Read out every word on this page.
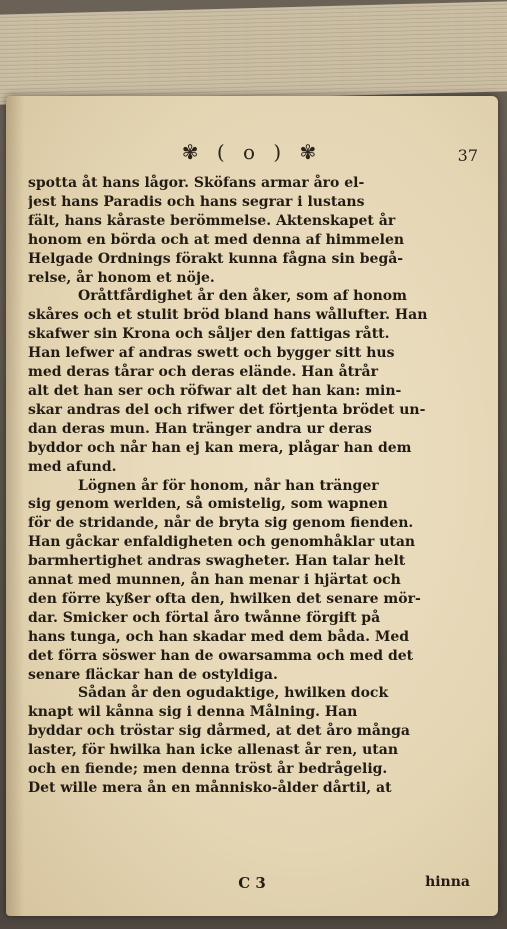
✾ ( o ) ✾	37
spotta åt hans lågor. Sköfans armar åro el-
jest hans Paradis och hans segrar i lustans
fält, hans kåraste berömmelse. Aktenskapet år
honom en börda och at med denna af himmelen
Helgade Ordnings förakt kunna fågna sin begå-
relse, år honom et nöje.
Oråttfårdighet år den åker, som af honom
skåres och et stulit bröd bland hans wållufter. Han
skafwer sin Krona och såljer den fattigas rått.
Han lefwer af andras swett och bygger sitt hus
med deras tårar och deras elände. Han åtrår
alt det han ser och röfwar alt det han kan: min-
skar andras del och rifwer det förtjenta brödet un-
dan deras mun. Han tränger andra ur deras
byddor och når han ej kan mera, plågar han dem
med afund.
Lögnen år för honom, når han tränger
sig genom werlden, så omistelig, som wapnen
för de stridande, når de bryta sig genom fienden.
Han gåckar enfaldigheten och genomhåklar utan
barmhertighet andras swagheter. Han talar helt
annat med munnen, ån han menar i hjärtat och
den förre kyßer ofta den, hwilken det senare mör-
dar. Smicker och förtal åro twånne förgift på
hans tunga, och han skadar med dem båda. Med
det förra söswer han de owarsamma och med det
senare fläckar han de ostyldiga.
Sådan år den ogudaktige, hwilken dock
knapt wil kånna sig i denna Målning. Han
byddar och tröstar sig dårmed, at det åro många
laster, för hwilka han icke allenast år ren, utan
och en fiende; men denna tröst år bedrågelig.
Det wille mera ån en månnisko-ålder dårtil, at
C 3	hinna
